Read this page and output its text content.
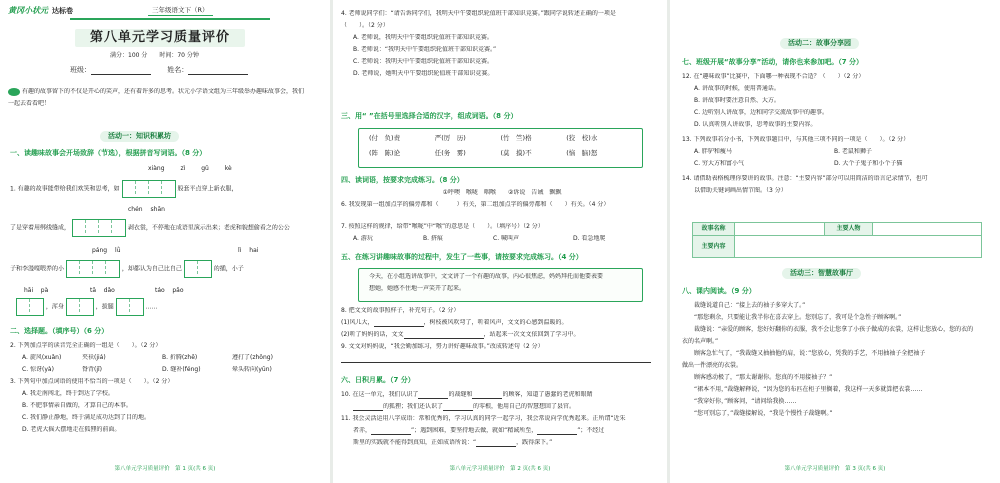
黄冈小状元 达标卷	三年级语文下（R）
第八单元学习质量评价
满分：100 分　　时间：70 分钟
班级：	姓名：
有趣的故事留下的不仅是开心的笑声，还有着许多的思考。状元小学语文组为三年级举办趣味故事会，我们
一起去看看吧！
活动一：知识积累坊
一、读趣味故事会开场致辞（节选），根据拼音写词语。（8 分）
xiàng	zì	gǔ	kè
1. 有趣的故事能带给我们欢笑和思考，如	般套平点穿上新衣服，
chén shān
了是穿着用绑线缝成，	剥衣裳，不停地在成语里演示出来；老虎和貌想偷看之的公公
páng lǜ	lì hai
子和李漫嘎喂养的小	，却都认为自己比自己	的插，小子
hāi pà	tā dǎo	táo pǎo
，浑身	，拔腿	……
二、选择题。（填序号）（6 分）
2. 下列加点字的读音完全正确的一组是（　　）。（2 分）
A. 旋风(xuǎn)	夹袄(jiá)	B. 折腾(zhē)	遵打了(zhǒng)
C. 惊讶(yà)	脊背(jǐ)	D. 缝补(féng)	晕头转向(yūn)
3. 下列句中加点词语的使用不恰当的一项是（　　）。（2 分）
A. 我走南闯北，终于到达了学校。
B. 不肥事情亲自做的，才算自己的本事。
C. 我们静止静地，终于满足成功达到了目的地。
D. 老虎大摇大摆地走在狐狸的前面。
第八单元学习质量评价　第 1 页(共 6 页)
4. 老师说同学们：“请告诉同学们，我明天中午要组织轮值班干部知识竞赛。”跟同学说转述正确的一项是
（　　）。（2 分）
A. 老师说，我明天中午要组织轮值班干部知识竞赛。
B. 老师说：“我明天中午要组织轮值班干部知识竞赛。”
C. 老师说：我明天中午要组织轮值班干部知识竞赛。
D. 老师说，她明天中午要组织轮值班干部知识竞赛。
三、用“ ”在括号里选择合适的汉字，组成词语。（8 分）
(付　负)责	严(厉　历)	(竹　竺)格	(狡　校)水
(阵　陈)论	任(务　雾)	(莫　摸)不	(恼　脑)怒
四、读词语，按要求完成练习。（8 分）
①呼噢　喉咙　咽喉　　②诉说　告诫　飘飘
6. 我发现第一组加点字的偏旁都和（　　　）有关，第二组加点字的偏旁都和（　　）有关。（4 分）
7. 按照这样的规律，给带“喉咙”中“喉”的意思是（　　）。（填序号）（2 分）
A. 游玩	B. 挤痕	C. 喊叫声	D. 看急地爬
五、在练习讲趣味故事的过程中，发生了一些事，请按要求完成练习。（4 分）
今天，在小组选讲故事中，文文讲了一个有趣的故事，内心很焦虑，妈妈拜托而他要表要
想她，她感不住地一声笑开了起来。
8. 把文文的故事照样子，补充句子。（2 分）
(1)风儿大，	，树枝被风吹弯了，听着风声，文文的心感到温暖的。
(2)听了妈妈的话，文文	，站起来一次文文依回到了学习中。
9. 文文对妈妈说，“我会勤加练习，努力讲好趣味故事。”改成转述句（2 分）
六、日积月累。（7 分）
10. 在这一单元，我们认识了	的裁缝和	的顾客，知道了愚蠢的老虎和眼睛
的狐狸；我们还认识了	的零根，他用自己的智慧想回了县官。
11. 我会灵活运用八字成语：常和优秀的，学习认真的同学一起学习，我会常说向学优秀起来。正所谓“近朱
者赤，	”；遇到困难，要坚持地去做，就如“精诚所至，	”；不经过
斯里的实践就不能得到真知，正如成语所说：“	，践得深下。”
第八单元学习质量评价　第 2 页(共 6 页)
活动二：故事分享园
七、班级开展“故事分享”活动，请你也来参加吧。（7 分）
12. 在“趣味故事”比赛中，下面哪一种表现不合适？（　　）（2 分）
A. 讲故事的时候，使用普通话。
B. 讲故事时要注意自然、大方。
C. 边听别人讲故事，边和同学交流故事中的趣事。
D. 认真听别人讲故事，思考故事的主要内容。
13. 下列故事若分小书，下列故事题目中，与其他三项不同的一项是（　　）。（2 分）
A. 胖驴和瘦马	B. 老鼠和狮子
C. 穷大方和富小气	D. 大个子鬼子和小个子猫
14. 请借助表格梳理你要讲的故事。注意：“主要内容”部分可以用简洁的语言记录情节，也可
以借助关键词画出情节图。（3 分）
故事名称		主要人物	
主要内容			
活动三：智慧故事厅
八、课内阅读。（9 分）
裁缝说道自己：“接上去的袖子多穿大了。”
“那您剩余，只要能让我半你在喜去穿上。您别忘了，我可是个急性子顾客啊。”
裁缝说：“亲爱的顾客，您好好翻你的衣服，我不会让您拿了小孩子做成的衣裳，这样让您放心，您的衣的
衣的名声啊。”
顾客急忙气了，“我裁缝又抽抽他的肩，说：”您放心，凭我的手艺，不用抽袖子全把袖子
做出一件漂亮的衣裳。
顾客感动极了，“那太谢谢你。您真的不用接袖子？”
“裙本不用，”裁缝解释说，“因为您的布匹在柜子里搁着，我这样一天多就算把衣裳……
“我穿好你，”顾客问，“请问给我换……
“您可别忘了，”裁缝接解说，“我是个慢性子裁缝啊。”
第八单元学习质量评价　第 3 页(共 6 页)
